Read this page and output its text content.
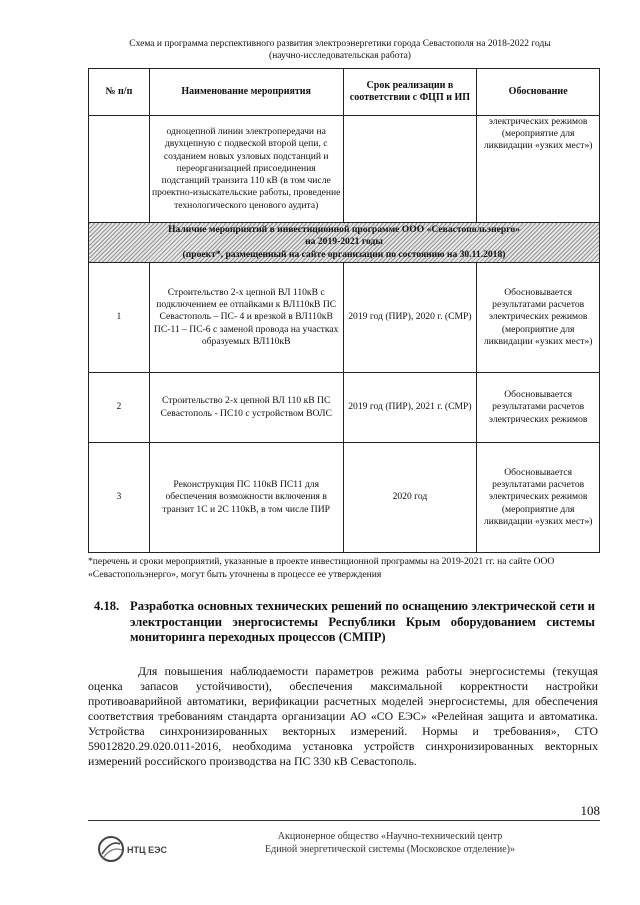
Схема и программа перспективного развития электроэнергетики города Севастополя на 2018-2022 годы
(научно-исследовательская работа)
№ п/п	Наименование мероприятия	Срок реализации в соответствии с ФЦП и ИП	Обоснование
	одноцепной линии электропередачи на двухцепную с подвеской второй цепи, с созданием новых узловых подстанций и переорганизацией присоединения подстанций транзита 110 кВ (в том числе проектно-изыскательские работы, проведение технологического ценового аудита)		электрических режимов (мероприятие для ликвидации «узких мест»)

Наличие мероприятий в инвестиционной программе ООО «Севастопольэнерго»
на 2019-2021 годы
(проект*, размещенный на сайте организации по состоянию на 30.11.2018)			

1	Строительство 2-х цепной ВЛ 110кВ с подключением ее отпайками к ВЛ110кВ ПС Севастополь – ПС- 4 и врезкой в ВЛ110кВ ПС-11 – ПС-6 с заменой провода на участках образуемых ВЛ110кВ	2019 год (ПИР), 2020 г. (СМР)	Обосновывается результатами расчетов электрических режимов (мероприятие для ликвидации «узких мест»)
2	Строительство 2-х цепной ВЛ 110 кВ ПС Севастополь - ПС10 с устройством ВОЛС	2019 год (ПИР), 2021 г. (СМР)	Обосновывается результатами расчетов электрических режимов
3	Реконструкция ПС 110кВ ПС11 для обеспечения возможности включения в транзит 1С и 2С 110кВ, в том числе ПИР	2020 год	Обосновывается результатами расчетов электрических режимов (мероприятие для ликвидации «узких мест»)
*перечень и сроки мероприятий, указанные в проекте инвестиционной программы на 2019-2021 гг. на сайте ООО «Севастопольэнерго», могут быть уточнены в процессе ее утверждения
4.18. Разработка основных технических решений по оснащению электрической сети и электростанции энергосистемы Республики Крым оборудованием системы мониторинга переходных процессов (СМПР)
Для повышения наблюдаемости параметров режима работы энергосистемы (текущая оценка запасов устойчивости), обеспечения максимальной корректности настройки противоаварийной автоматики, верификации расчетных моделей энергосистемы, для обеспечения соответствия требованиям стандарта организации АО «СО ЕЭС» «Релейная защита и автоматика. Устройства синхронизированных векторных измерений. Нормы и требования», СТО 59012820.29.020.011-2016, необходима установка устройств синхронизированных векторных измерений российского производства на ПС 330 кВ Севастополь.
108
НТЦ ЕЭС
Акционерное общество «Научно-технический центр
Единой энергетической системы (Московское отделение)»
